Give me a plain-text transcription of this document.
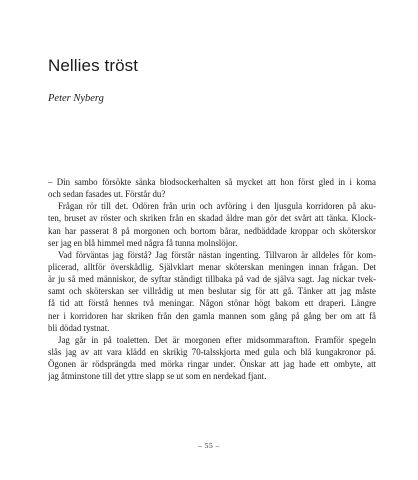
Nellies tröst

Peter Nyberg

– Din sambo försökte sänka blodsockerhalten så mycket att hon först gled in i koma
och sedan fasades ut. Förstår du?
Frågan rör till det. Odören från urin och avföring i den ljusgula korridoren på aku-
ten, bruset av röster och skriken från en skadad äldre man gör det svårt att tänka. Klock-
kan har passerat 8 på morgonen och bortom bårar, nedbäddade kroppar och sköterskor
ser jag en blå himmel med några få tunna molnslöjor.
Vad förväntas jag förstå? Jag förstår nästan ingenting. Tillvaron är alldeles för kom-
plicerad, alltför överskådlig. Självklart menar sköterskan meningen innan frågan. Det
är ju så med människor, de syftar ständigt tillbaka på vad de själva sagt. Jag nickar tvek-
samt och sköterskan ser villrådig ut men beslutar sig för att gå. Tänker att jag måste
få tid att förstå hennes två meningar. Någon stönar högt bakom ett draperi. Längre
ner i korridoren har skriken från den gamla mannen som gång på gång ber om att få
bli dödad tystnat.
Jag går in på toaletten. Det är morgonen efter midsommarafton. Framför spegeln
slås jag av att vara klädd en skrikig 70-talsskjorta med gula och blå kungakronor på.
Ögonen är rödsprängda med mörka ringar under. Önskar att jag hade ett ombyte, att
jag åtminstone till det yttre slapp se ut som en nerdekad fjant.
– 55 –
